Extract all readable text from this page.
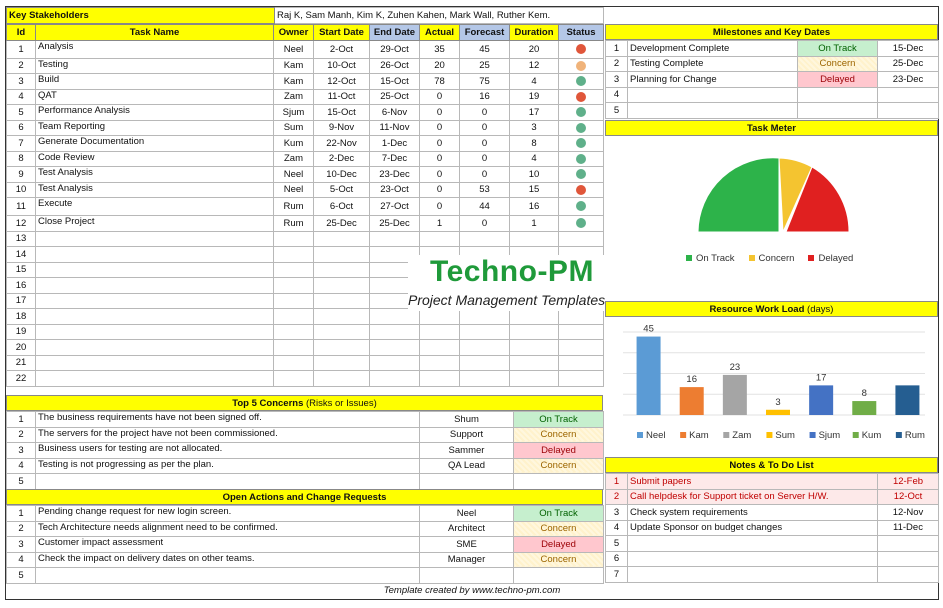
Key Stakeholders	Raj K, Sam Manh, Kim K, Zuhen Kahen, Mark Wall, Ruther Kem.
Id	Task Name	Owner	Start Date	End Date	Actual	Forecast	Duration	Status
1	Analysis	Neel	2-Oct	29-Oct	35	45	20	
2	Testing	Kam	10-Oct	26-Oct	20	25	12	
3	Build	Kam	12-Oct	15-Oct	78	75	4	
4	QAT	Zam	11-Oct	25-Oct	0	16	19	
5	Performance Analysis	Sjum	15-Oct	6-Nov	0	0	17	
6	Team Reporting	Sum	9-Nov	11-Nov	0	0	3	
7	Generate Documentation	Kum	22-Nov	1-Dec	0	0	8	
8	Code Review	Zam	2-Dec	7-Dec	0	0	4	
9	Test Analysis	Neel	10-Dec	23-Dec	0	0	10	
10	Test Analysis	Neel	5-Oct	23-Oct	0	53	15	
11	Execute	Rum	6-Oct	27-Oct	0	44	16	
12	Close Project	Rum	25-Dec	25-Dec	1	0	1	
13								
14								
15								
16								
17								
18								
19								
20								
21								
22								
Techno-PM
Project Management Templates
Top 5 Concerns (Risks or Issues)
1	The business requirements have not been signed off.	Shum	On Track
2	The servers for the project have not been commissioned.	Support	Concern
3	Business users for testing are not allocated.	Sammer	Delayed
4	Testing is not progressing as per the plan.	QA Lead	Concern
5			
Open Actions and Change Requests
1	Pending change request for new login screen.	Neel	On Track
2	Tech Architecture needs alignment need to be confirmed.	Architect	Concern
3	Customer impact assessment	SME	Delayed
4	Check the impact on delivery dates on other teams.	Manager	Concern
5			
Milestones and Key Dates
1	Development Complete	On Track	15-Dec
2	Testing Complete	Concern	25-Dec
3	Planning for Change	Delayed	23-Dec
4			
5			
Task Meter
On Track	Concern	Delayed
Resource Work Load (days)
45
Neel
16
Kam
23
Zam
3
Sum
17
Sjum
8
Kum Rum
Notes & To Do List
1	Submit papers	12-Feb
2	Call helpdesk for Support ticket on Server H/W.	12-Oct
3	Check system requirements	12-Nov
4	Update Sponsor on budget changes	11-Dec
5		
6		
7		
Template created by www.techno-pm.com
